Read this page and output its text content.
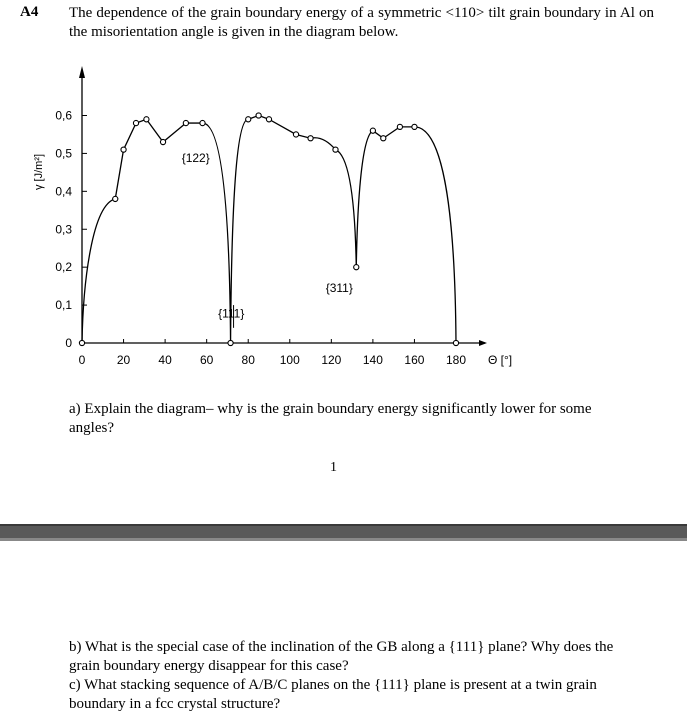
A4 The dependence of the grain boundary energy of a symmetric <110> tilt grain boundary in Al on the misorientation angle is given in the diagram below.
0
0,1
0,2
0,3
0,4
0,5
0,6
0	20 40 60 80 100 120 140 160 180 Θ [°]
γ [J/m²]	{122}
{111}
{311}
a) Explain the diagram– why is the grain boundary energy significantly lower for some angles?
1

b) What is the special case of the inclination of the GB along a {111} plane? Why does the grain boundary energy disappear for this case?

c) What stacking sequence of A/B/C planes on the {111} plane is present at a twin grain boundary in a fcc crystal structure?
